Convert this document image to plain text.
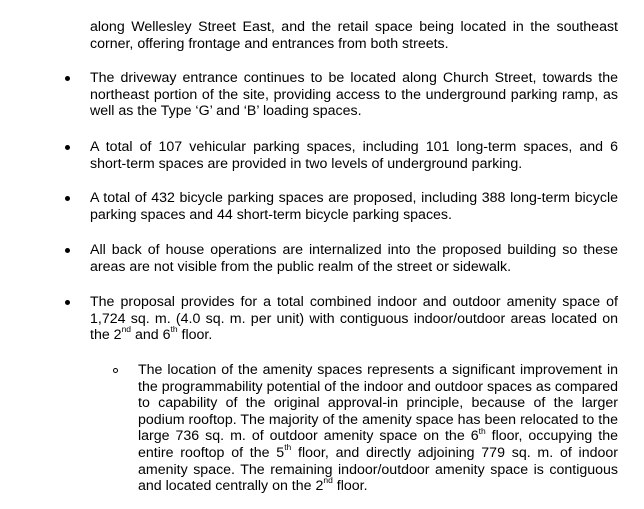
along Wellesley Street East, and the retail space being located in the southeast corner, offering frontage and entrances from both streets.
The driveway entrance continues to be located along Church Street, towards the northeast portion of the site, providing access to the underground parking ramp, as well as the Type ‘G’ and ‘B’ loading spaces.
A total of 107 vehicular parking spaces, including 101 long-term spaces, and 6 short-term spaces are provided in two levels of underground parking.
A total of 432 bicycle parking spaces are proposed, including 388 long-term bicycle parking spaces and 44 short-term bicycle parking spaces.
All back of house operations are internalized into the proposed building so these areas are not visible from the public realm of the street or sidewalk.
The proposal provides for a total combined indoor and outdoor amenity space of 1,724 sq. m. (4.0 sq. m. per unit) with contiguous indoor/outdoor areas located on the 2nd and 6th floor.
The location of the amenity spaces represents a significant improvement in the programmability potential of the indoor and outdoor spaces as compared to capability of the original approval-in principle, because of the larger podium rooftop. The majority of the amenity space has been relocated to the large 736 sq. m. of outdoor amenity space on the 6th floor, occupying the entire rooftop of the 5th floor, and directly adjoining 779 sq. m. of indoor amenity space. The remaining indoor/outdoor amenity space is contiguous and located centrally on the 2nd floor.
